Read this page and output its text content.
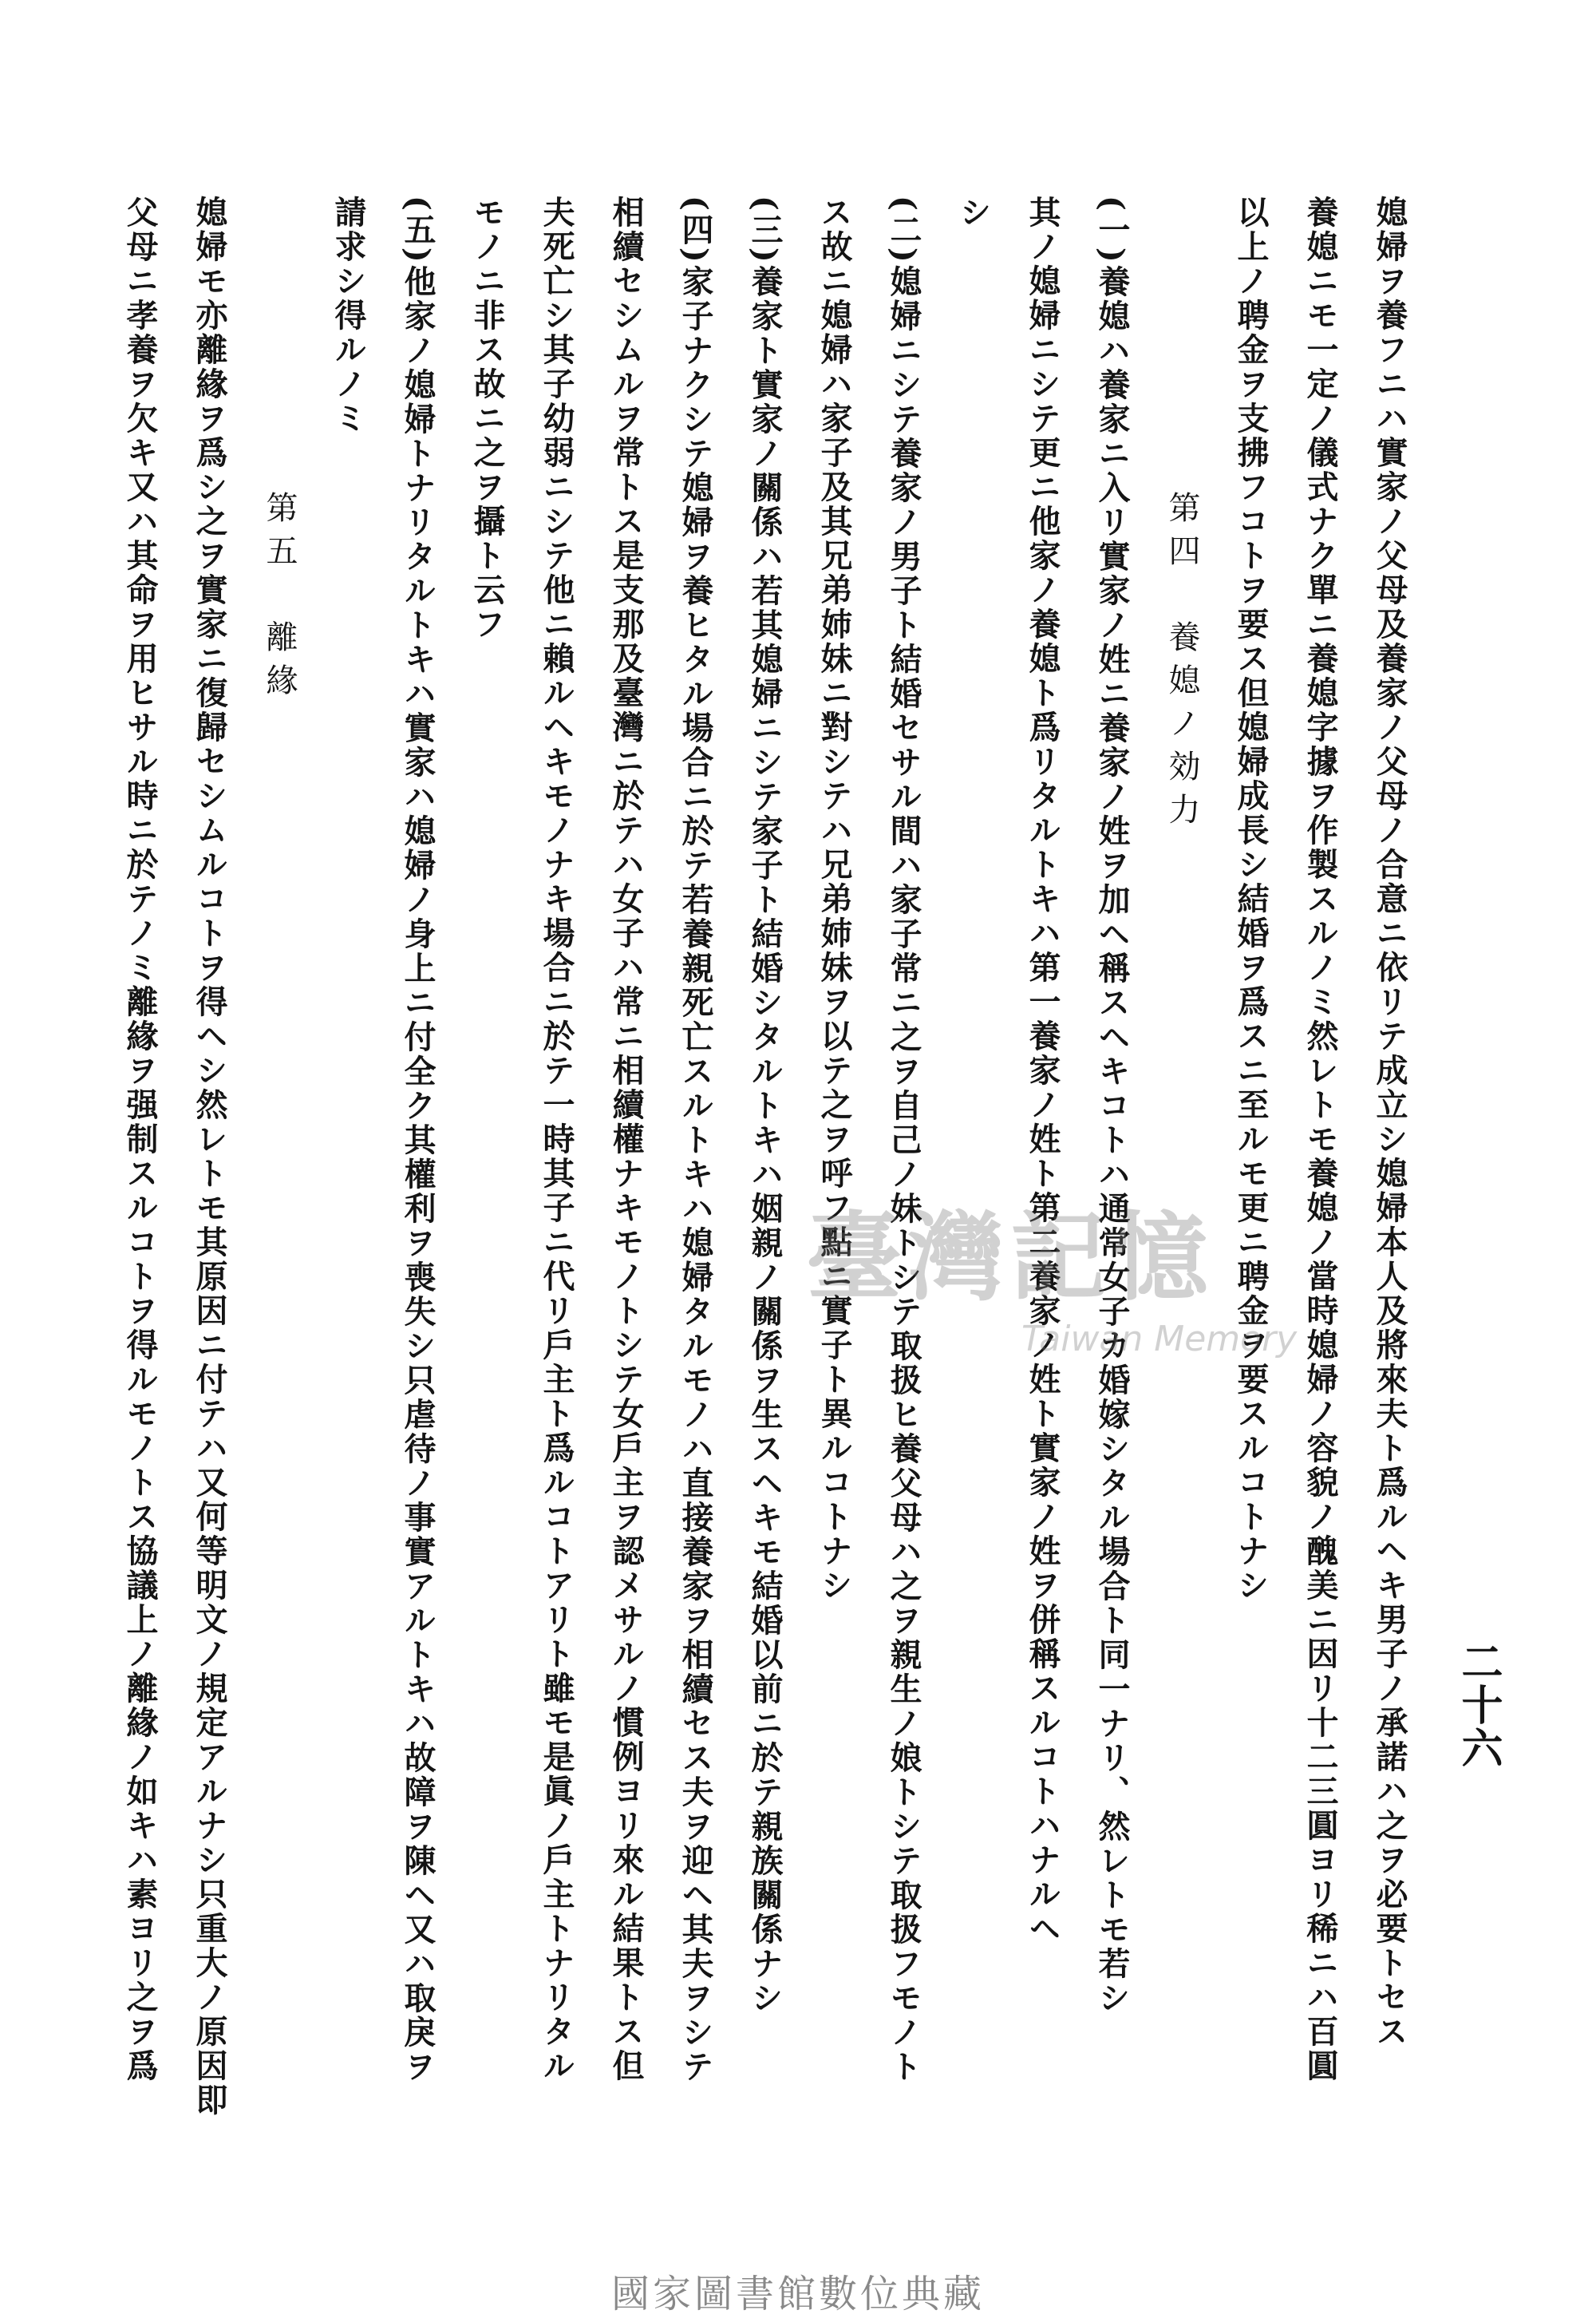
二十六
媳婦ヲ養フニハ實家ノ父母及養家ノ父母ノ合意ニ依リテ成立シ媳婦本人及將來夫ト爲ルヘキ男子ノ承諾ハ之ヲ必要トセス
養媳ニモ一定ノ儀式ナク單ニ養媳字據ヲ作製スルノミ然レトモ養媳ノ當時媳婦ノ容貌ノ醜美ニ因リ十二三圓ヨリ稀ニハ百圓
以上ノ聘金ヲ支拂フコトヲ要ス但媳婦成長シ結婚ヲ爲スニ至ルモ更ニ聘金ヲ要スルコトナシ
第四　養媳ノ効力
(一)養媳ハ養家ニ入リ實家ノ姓ニ養家ノ姓ヲ加ヘ稱スヘキコトハ通常女子カ婚嫁シタル場合ト同一ナリ、然レトモ若シ
其ノ媳婦ニシテ更ニ他家ノ養媳ト爲リタルトキハ第一養家ノ姓ト第二養家ノ姓ト實家ノ姓ヲ併稱スルコトハナルヘ
シ
(二)媳婦ニシテ養家ノ男子ト結婚セサル間ハ家子常ニ之ヲ自己ノ妹トシテ取扱ヒ養父母ハ之ヲ親生ノ娘トシテ取扱フモノト
ス故ニ媳婦ハ家子及其兄弟姉妹ニ對シテハ兄弟姉妹ヲ以テ之ヲ呼フ點ニ實子ト異ルコトナシ
(三)養家ト實家ノ關係ハ若其媳婦ニシテ家子ト結婚シタルトキハ姻親ノ關係ヲ生スヘキモ結婚以前ニ於テ親族關係ナシ
(四)家子ナクシテ媳婦ヲ養ヒタル場合ニ於テ若養親死亡スルトキハ媳婦タルモノハ直接養家ヲ相續セス夫ヲ迎ヘ其夫ヲシテ
相續セシムルヲ常トス是支那及臺灣ニ於テハ女子ハ常ニ相續權ナキモノトシテ女戶主ヲ認メサルノ慣例ヨリ來ル結果トス但
夫死亡シ其子幼弱ニシテ他ニ賴ルヘキモノナキ場合ニ於テ一時其子ニ代リ戶主ト爲ルコトアリト雖モ是眞ノ戶主トナリタル
モノニ非ス故ニ之ヲ攝ト云フ
(五)他家ノ媳婦トナリタルトキハ實家ハ媳婦ノ身上ニ付全ク其權利ヲ喪失シ只虐待ノ事實アルトキハ故障ヲ陳ヘ又ハ取戾ヲ
請求シ得ルノミ
第五　離緣
媳婦モ亦離緣ヲ爲シ之ヲ實家ニ復歸セシムルコトヲ得ヘシ然レトモ其原因ニ付テハ又何等明文ノ規定アルナシ只重大ノ原因即
父母ニ孝養ヲ欠キ又ハ其命ヲ用ヒサル時ニ於テノミ離緣ヲ强制スルコトヲ得ルモノトス協議上ノ離緣ノ如キハ素ヨリ之ヲ爲	臺灣記憶
Taiwan Memory
國家圖書館數位典藏
